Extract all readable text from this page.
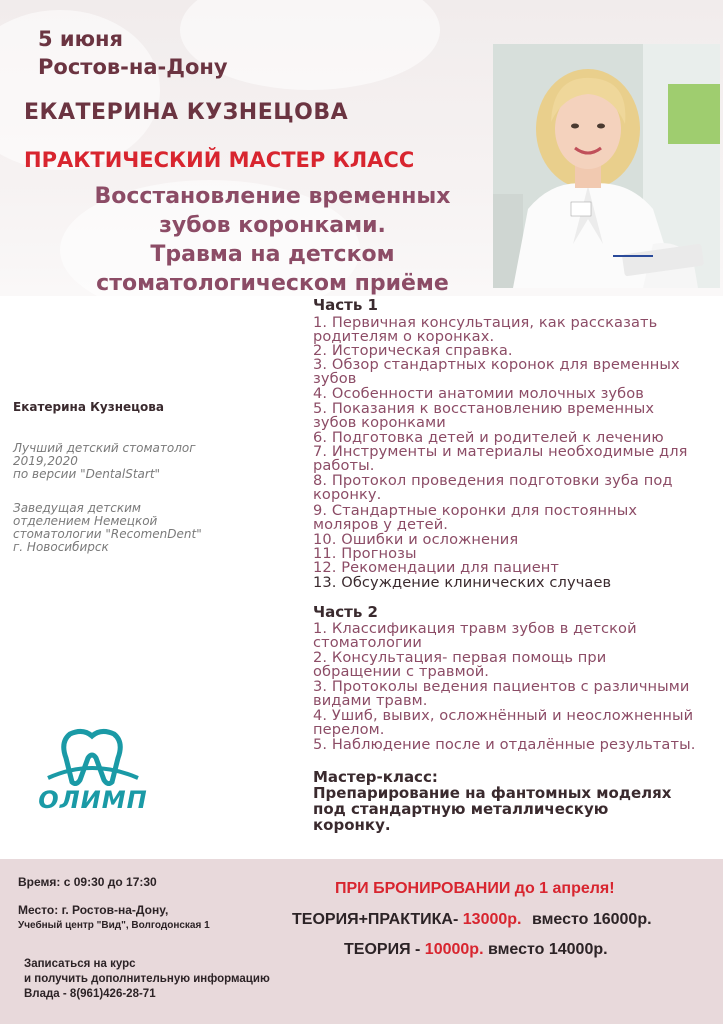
5 июня
Ростов-на-Дону
ЕКАТЕРИНА КУЗНЕЦОВА
ПРАКТИЧЕСКИЙ МАСТЕР КЛАСС
Восстановление временных
зубов коронками.
Травма на детском
стоматологическом приёме
Екатерина Кузнецова
Лучший детский стоматолог
2019,2020
по версии "DentalStart"
Заведущая детским
отделением Немецкой
стоматологии "RecomenDent"
г. Новосибирск
ОЛИМП
Часть 1
1. Первичная консультация, как рассказать
родителям о коронках.
2. Историческая справка.
3. Обзор стандартных коронок для временных
зубов
4. Особенности анатомии молочных зубов
5. Показания к восстановлению временных
зубов коронками
6. Подготовка детей и родителей к лечению
7. Инструменты и материалы необходимые для
работы.
8. Протокол проведения подготовки зуба под
коронку.
9. Стандартные коронки для постоянных
моляров у детей.
10. Ошибки и осложнения
11. Прогнозы
12. Рекомендации для пациент
13. Обсуждение клинических случаев
Часть 2
1. Классификация травм зубов в детской
стоматологии
2. Консультация- первая помощь при
обращении с травмой.
3. Протоколы ведения пациентов с различными
видами травм.
4. Ушиб, вывих, осложнённый и неосложненный
перелом.
5. Наблюдение после и отдалённые результаты.
Мастер-класс:
Препарирование на фантомных моделях
под стандартную металлическую
коронку.
Время: с 09:30 до 17:30
Место: г. Ростов-на-Дону,
Учебный центр "Вид", Волгодонская 1
Записаться на курс
и получить дополнительную информацию
Влада - 8(961)426-28-71
ПРИ БРОНИРОВАНИИ до 1 апреля!
ТЕОРИЯ+ПРАКТИКА- 13000р. вместо 16000р.
ТЕОРИЯ - 10000р. вместо 14000р.
